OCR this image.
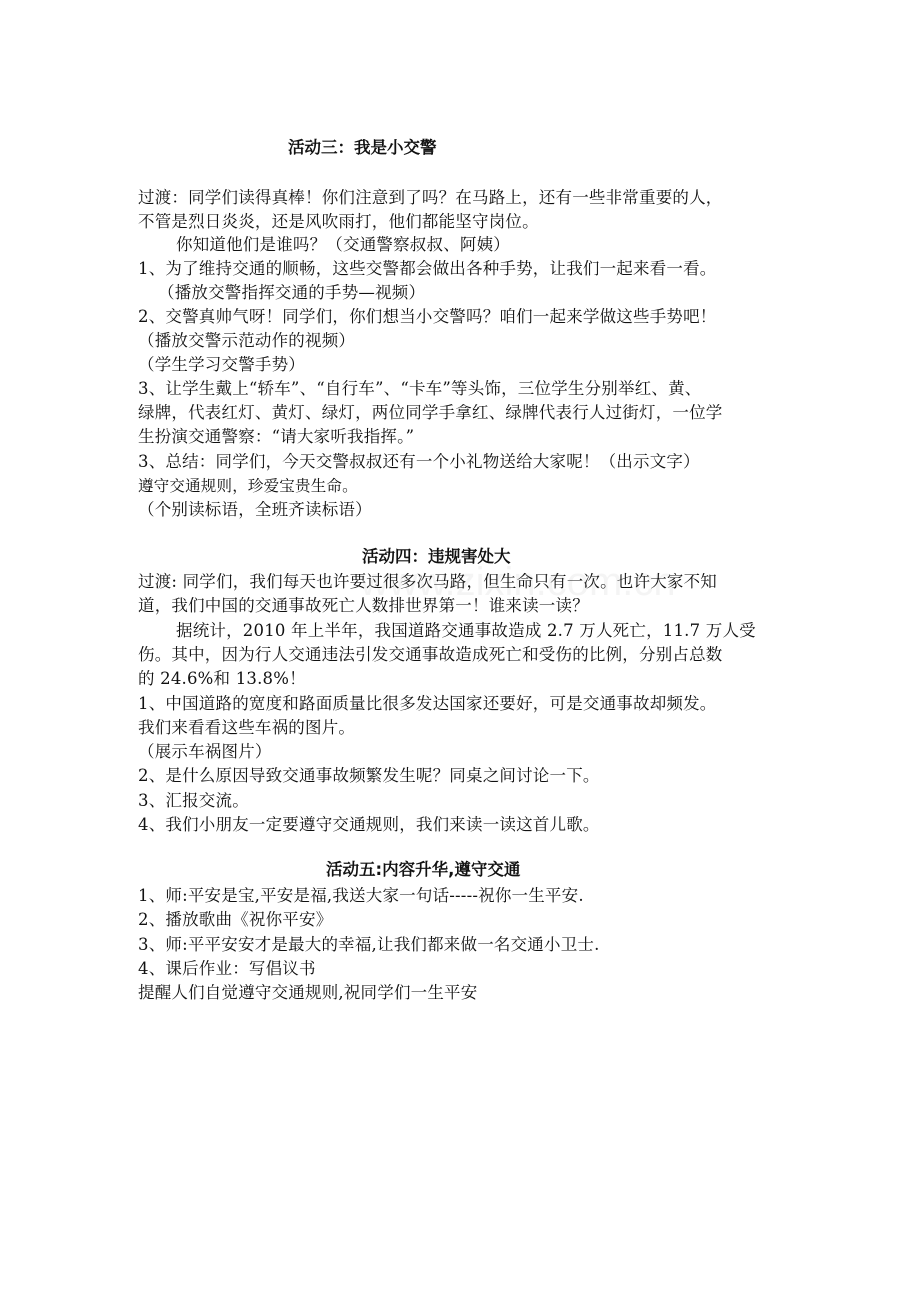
活动三：我是小交警
过渡：同学们读得真棒！你们注意到了吗？在马路上，还有一些非常重要的人，
不管是烈日炎炎，还是风吹雨打，他们都能坚守岗位。
你知道他们是谁吗？（交通警察叔叔、阿姨）
1、为了维持交通的顺畅，这些交警都会做出各种手势，让我们一起来看一看。
（播放交警指挥交通的手势—视频）
2、交警真帅气呀！同学们，你们想当小交警吗？咱们一起来学做这些手势吧！
（播放交警示范动作的视频）
（学生学习交警手势）
3、让学生戴上“轿车”、“自行车”、“卡车”等头饰，三位学生分别举红、黄、
绿牌，代表红灯、黄灯、绿灯，两位同学手拿红、绿牌代表行人过街灯，一位学
生扮演交通警察：“请大家听我指挥。”
3、总结：同学们，今天交警叔叔还有一个小礼物送给大家呢！（出示文字）
遵守交通规则，珍爱宝贵生命。
（个别读标语，全班齐读标语）
活动四：违规害处大
过渡: 同学们，我们每天也许要过很多次马路，但生命只有一次。也许大家不知
道，我们中国的交通事故死亡人数排世界第一！谁来读一读？
据统计，2010 年上半年，我国道路交通事故造成 2.7 万人死亡，11.7 万人受
伤。其中，因为行人交通违法引发交通事故造成死亡和受伤的比例，分别占总数
的 24.6%和 13.8%！
1、中国道路的宽度和路面质量比很多发达国家还要好，可是交通事故却频发。
我们来看看这些车祸的图片。
（展示车祸图片）
2、是什么原因导致交通事故频繁发生呢？同桌之间讨论一下。
3、汇报交流。
4、我们小朋友一定要遵守交通规则，我们来读一读这首儿歌。
活动五:内容升华,遵守交通
1、师:平安是宝,平安是福,我送大家一句话-----祝你一生平安.
2、播放歌曲《祝你平安》
3、师:平平安安才是最大的幸福,让我们都来做一名交通小卫士.
4、课后作业：写倡议书
提醒人们自觉遵守交通规则,祝同学们一生平安
